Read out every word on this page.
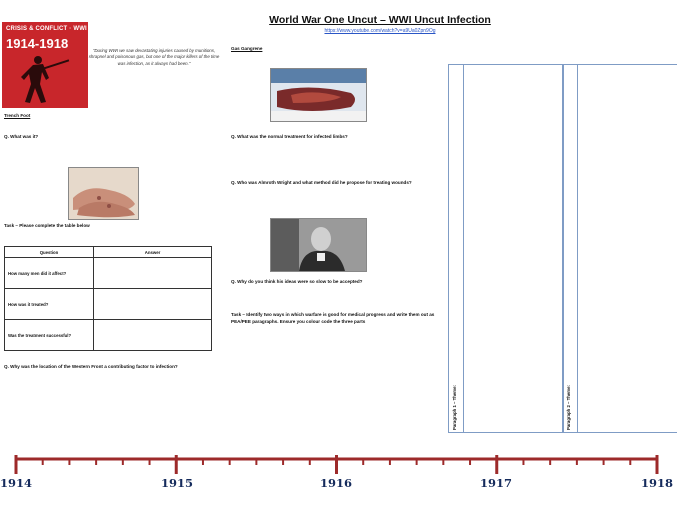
World War One Uncut – WWI Uncut Infection
https://www.youtube.com/watch?v=a9Ua0Zpn9Og
CRISIS & CONFLICT · WWI
1914-1918	"During WWI we saw devastating injuries caused by munitions, shrapnel and poisonous gas, but one of the major killers of the time was infection, as it always had been."
Trench Foot
Q. What was it?
Task – Please complete the table below
Question	Answer
How many men did it affect?	
How was it treated?	
Was the treatment successful?	
Q. Why was the location of the Western Front a contributing factor to infection?
Gas Gangrene
Q. What was the normal treatment for infected limbs?
Q. Who was Almroth Wright and what method did he propose for treating wounds?
Q. Why do you think his ideas were so slow to be accepted?
Task – Identify two ways in which warfare is good for medical progress and write them out as PEA/PEE paragraphs. Ensure you colour code the three parts
Paragraph 1 – Theme:	Paragraph 2 – Theme:
1914	1915	1916	1917	1918
